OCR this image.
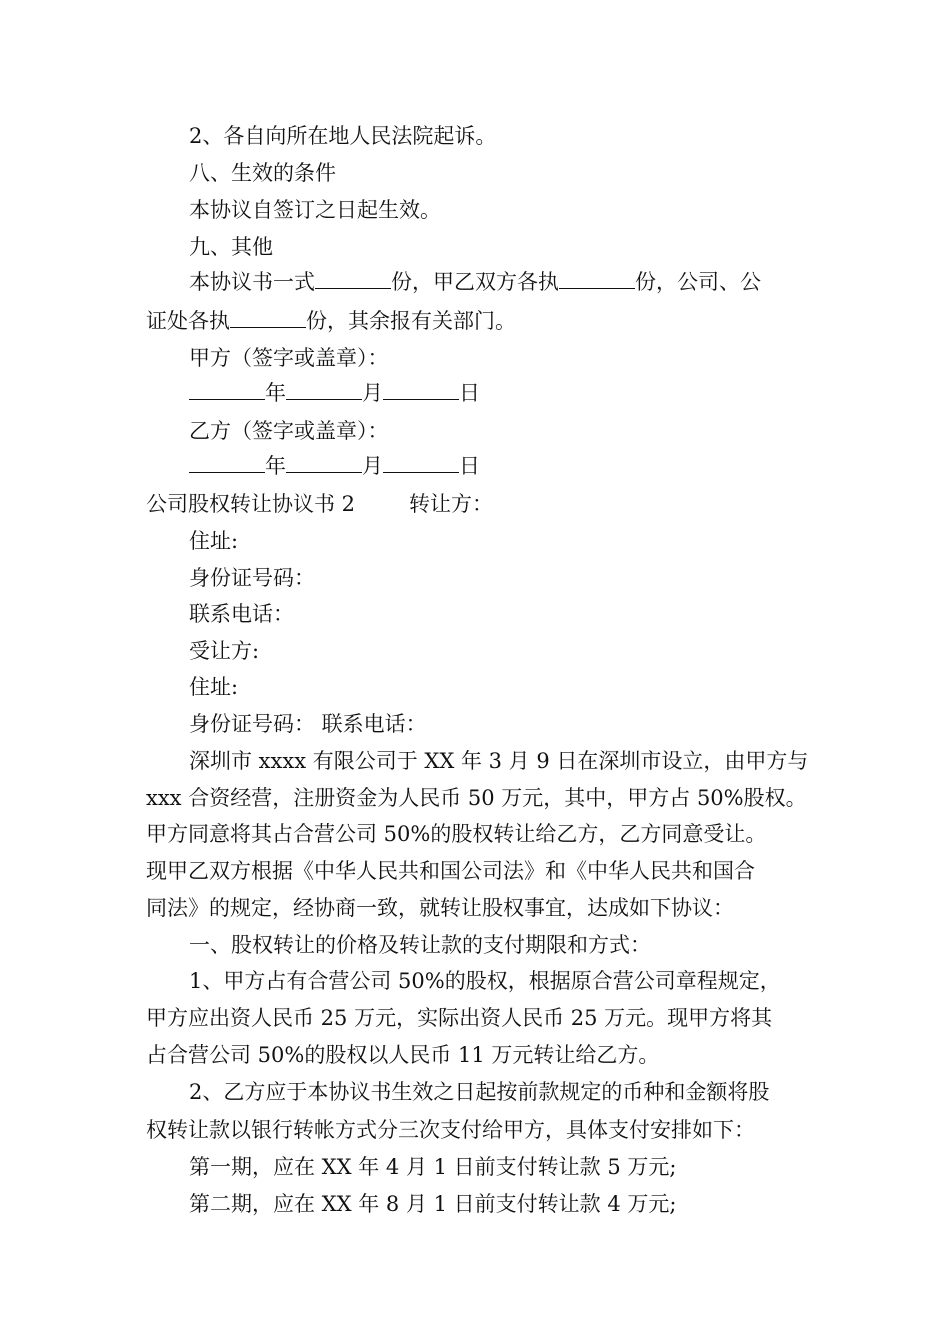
2、各自向所在地人民法院起诉。
八、生效的条件
本协议自签订之日起生效。
九、其他
本协议书一式	份，甲乙双方各执	份，公司、公
证处各执	份，其余报有关部门。
甲方（签字或盖章）：
年	月	日
乙方（签字或盖章）：
年	月	日
公司股权转让协议书 2	转让方：
住址:
身份证号码：
联系电话：
受让方:
住址:
身份证号码： 联系电话：
深圳市 xxxx 有限公司于 XX 年 3 月 9 日在深圳市设立，由甲方与
xxx 合资经营，注册资金为人民币 50 万元，其中，甲方占 50%股权。
甲方同意将其占合营公司 50%的股权转让给乙方，乙方同意受让。
现甲乙双方根据《中华人民共和国公司法》和《中华人民共和国合
同法》的规定，经协商一致，就转让股权事宜，达成如下协议：
一、股权转让的价格及转让款的支付期限和方式：
1、甲方占有合营公司 50%的股权，根据原合营公司章程规定，
甲方应出资人民币 25 万元，实际出资人民币 25 万元。现甲方将其
占合营公司 50%的股权以人民币 11 万元转让给乙方。
2、乙方应于本协议书生效之日起按前款规定的币种和金额将股
权转让款以银行转帐方式分三次支付给甲方，具体支付安排如下：
第一期，应在 XX 年 4 月 1 日前支付转让款 5 万元;
第二期，应在 XX 年 8 月 1 日前支付转让款 4 万元;
